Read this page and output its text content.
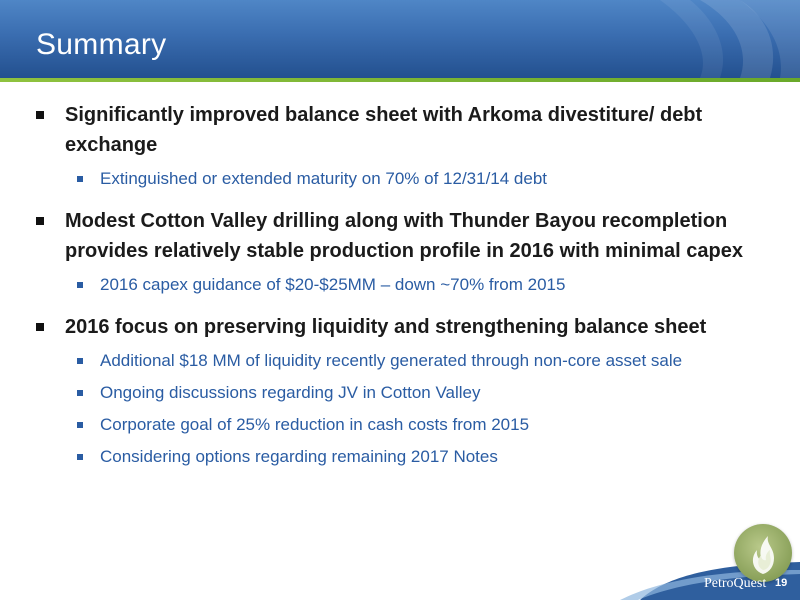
Summary
Significantly improved balance sheet with Arkoma divestiture/ debt exchange
Extinguished or extended maturity on 70% of 12/31/14 debt
Modest Cotton Valley drilling along with Thunder Bayou recompletion provides relatively stable production profile in 2016 with minimal capex
2016 capex guidance of $20-$25MM – down ~70% from 2015
2016 focus on preserving liquidity and strengthening balance sheet
Additional $18 MM of liquidity recently generated through non-core asset sale
Ongoing discussions regarding JV in Cotton Valley
Corporate goal of 25% reduction in cash costs from 2015
Considering options regarding remaining 2017 Notes
PetroQuest 19
